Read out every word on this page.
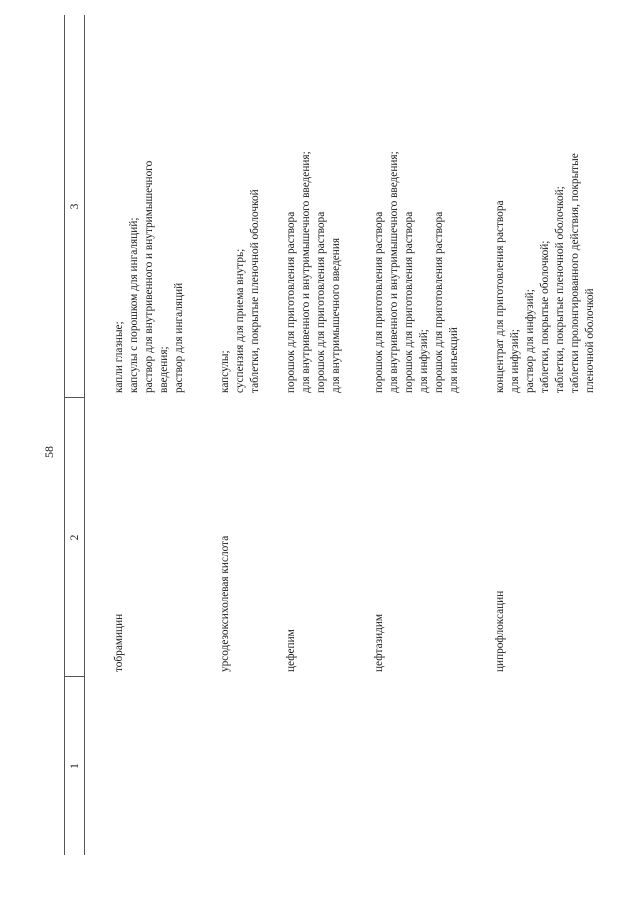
58
1
2
3
тобрамицин
капли глазные; капсулы с порошком для ингаляций; раствор для внутривенного и внутримышечного введения; раствор для ингаляций
урсодезоксихолевая кислота
капсулы; суспензия для приема внутрь; таблетки, покрытые пленочной оболочкой
цефепим
порошок для приготовления раствора для внутривенного и внутримышечного введения; порошок для приготовления раствора для внутримышечного введения
цефтазидим
порошок для приготовления раствора для внутривенного и внутримышечного введения; порошок для приготовления раствора для инфузий; порошок для приготовления раствора для инъекций
ципрофлоксацин
концентрат для приготовления раствора для инфузий; раствор для инфузий; таблетки, покрытые оболочкой; таблетки, покрытые пленочной оболочкой; таблетки пролонгированного действия, покрытые пленочной оболочкой
